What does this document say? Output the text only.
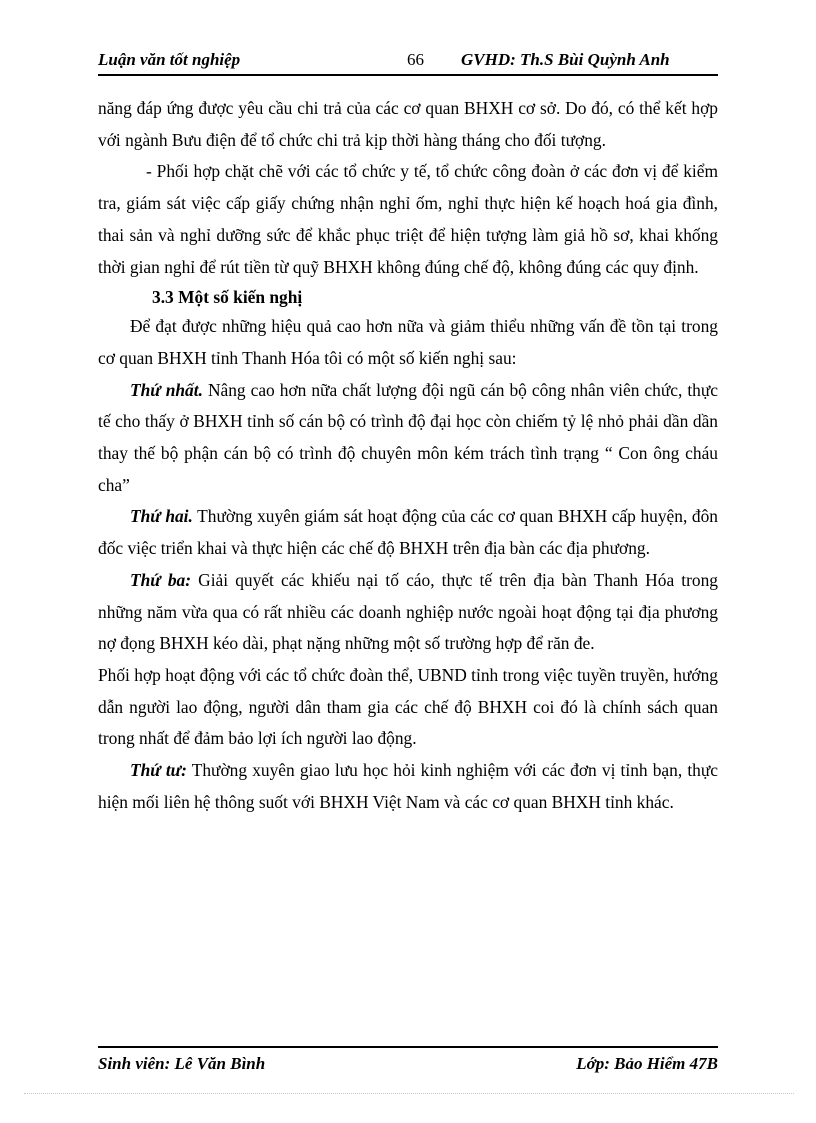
Luận văn tốt nghiệp	66 GVHD: Th.S Bùi Quỳnh Anh

năng đáp ứng được yêu cầu chi trả của các cơ quan BHXH cơ sở. Do đó, có thể kết hợp với ngành Bưu điện để tổ chức chi trả kịp thời hàng tháng cho đối tượng.

- Phối hợp chặt chẽ với các tổ chức y tế, tổ chức công đoàn ở các đơn vị để kiểm tra, giám sát việc cấp giấy chứng nhận nghỉ ốm, nghỉ thực hiện kế hoạch hoá gia đình, thai sản và nghỉ dưỡng sức để khắc phục triệt để hiện tượng làm giả hồ sơ, khai khống thời gian nghỉ để rút tiền từ quỹ BHXH không đúng chế độ, không đúng các quy định.

3.3 Một số kiến nghị

Để đạt được những hiệu quả cao hơn nữa và giảm thiểu những vấn đề tồn tại trong cơ quan BHXH tỉnh Thanh Hóa tôi có một số kiến nghị sau:

Thứ nhất. Nâng cao hơn nữa chất lượng đội ngũ cán bộ công nhân viên chức, thực tế cho thấy ở BHXH tỉnh số cán bộ có trình độ đại học còn chiếm tỷ lệ nhỏ phải dần dần thay thế bộ phận cán bộ có trình độ chuyên môn kém trách tình trạng “ Con ông cháu cha”

Thứ hai. Thường xuyên giám sát hoạt động của các cơ quan BHXH cấp huyện, đôn đốc việc triển khai và thực hiện các chế độ BHXH trên địa bàn các địa phương.

Thứ ba: Giải quyết các khiếu nại tố cáo, thực tế trên địa bàn Thanh Hóa trong những năm vừa qua có rất nhiều các doanh nghiệp nước ngoài hoạt động tại địa phương nợ đọng BHXH kéo dài, phạt nặng những một số trường hợp để răn đe.

Phối hợp hoạt động với các tổ chức đoàn thể, UBND tỉnh trong việc tuyền truyền, hướng dẫn người lao động, người dân tham gia các chế độ BHXH coi đó là chính sách quan trong nhất để đảm bảo lợi ích người lao động.

Thứ tư: Thường xuyên giao lưu học hỏi kinh nghiệm với các đơn vị tỉnh bạn, thực hiện mối liên hệ thông suốt với BHXH Việt Nam và các cơ quan BHXH tỉnh khác.

Sinh viên: Lê Văn Bình	Lớp: Bảo Hiểm 47B
